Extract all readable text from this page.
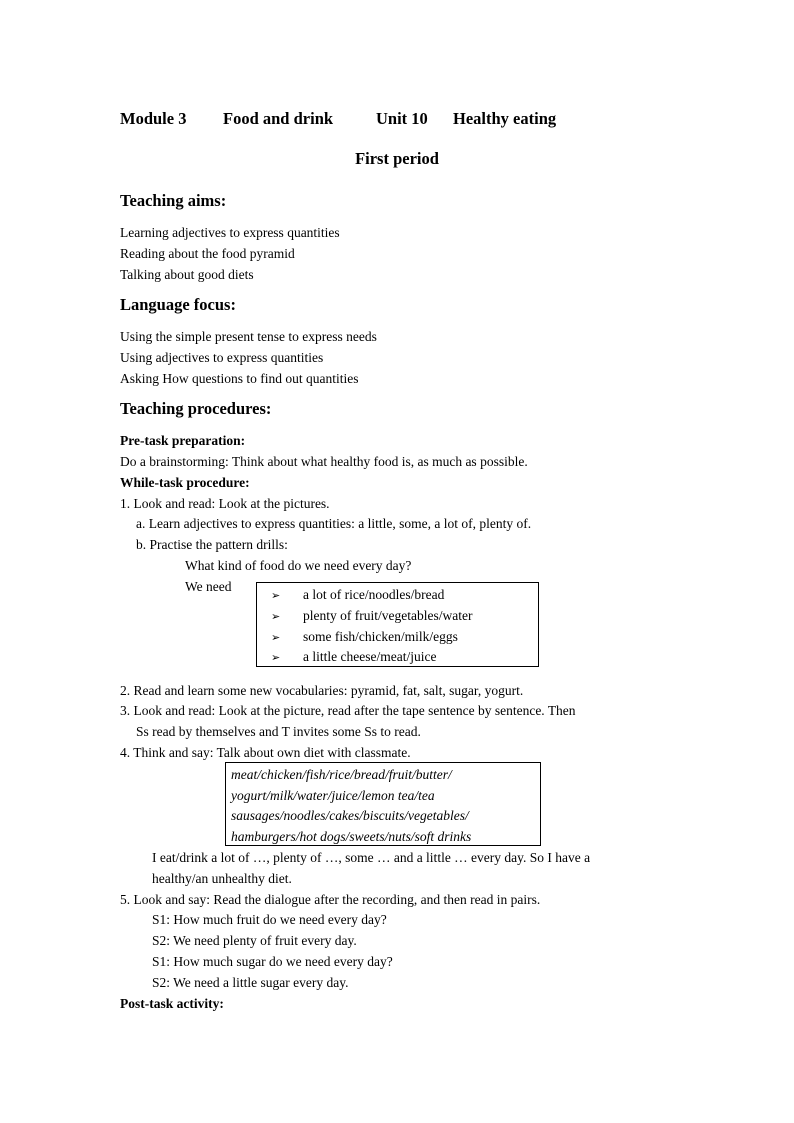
Module 3 Food and drink	Unit 10 Healthy eating
First period
Teaching aims:
Learning adjectives to express quantities
Reading about the food pyramid
Talking about good diets
Language focus:
Using the simple present tense to express needs
Using adjectives to express quantities
Asking How questions to find out quantities
Teaching procedures:
Pre-task preparation:
Do a brainstorming: Think about what healthy food is, as much as possible.
While-task procedure:
1. Look and read: Look at the pictures.
a. Learn adjectives to express quantities: a little, some, a lot of, plenty of.
b. Practise the pattern drills:
What kind of food do we need every day?
We need
➢ a lot of rice/noodles/bread
➢ plenty of fruit/vegetables/water
➢ some fish/chicken/milk/eggs
➢ a little cheese/meat/juice
2. Read and learn some new vocabularies: pyramid, fat, salt, sugar, yogurt.
3. Look and read: Look at the picture, read after the tape sentence by sentence. Then
Ss read by themselves and T invites some Ss to read.
4. Think and say: Talk about own diet with classmate.
meat/chicken/fish/rice/bread/fruit/butter/
yogurt/milk/water/juice/lemon tea/tea
sausages/noodles/cakes/biscuits/vegetables/
hamburgers/hot dogs/sweets/nuts/soft drinks
I eat/drink a lot of …, plenty of …, some … and a little … every day. So I have a
healthy/an unhealthy diet.
5. Look and say: Read the dialogue after the recording, and then read in pairs.
S1: How much fruit do we need every day?
S2: We need plenty of fruit every day.
S1: How much sugar do we need every day?
S2: We need a little sugar every day.
Post-task activity:
